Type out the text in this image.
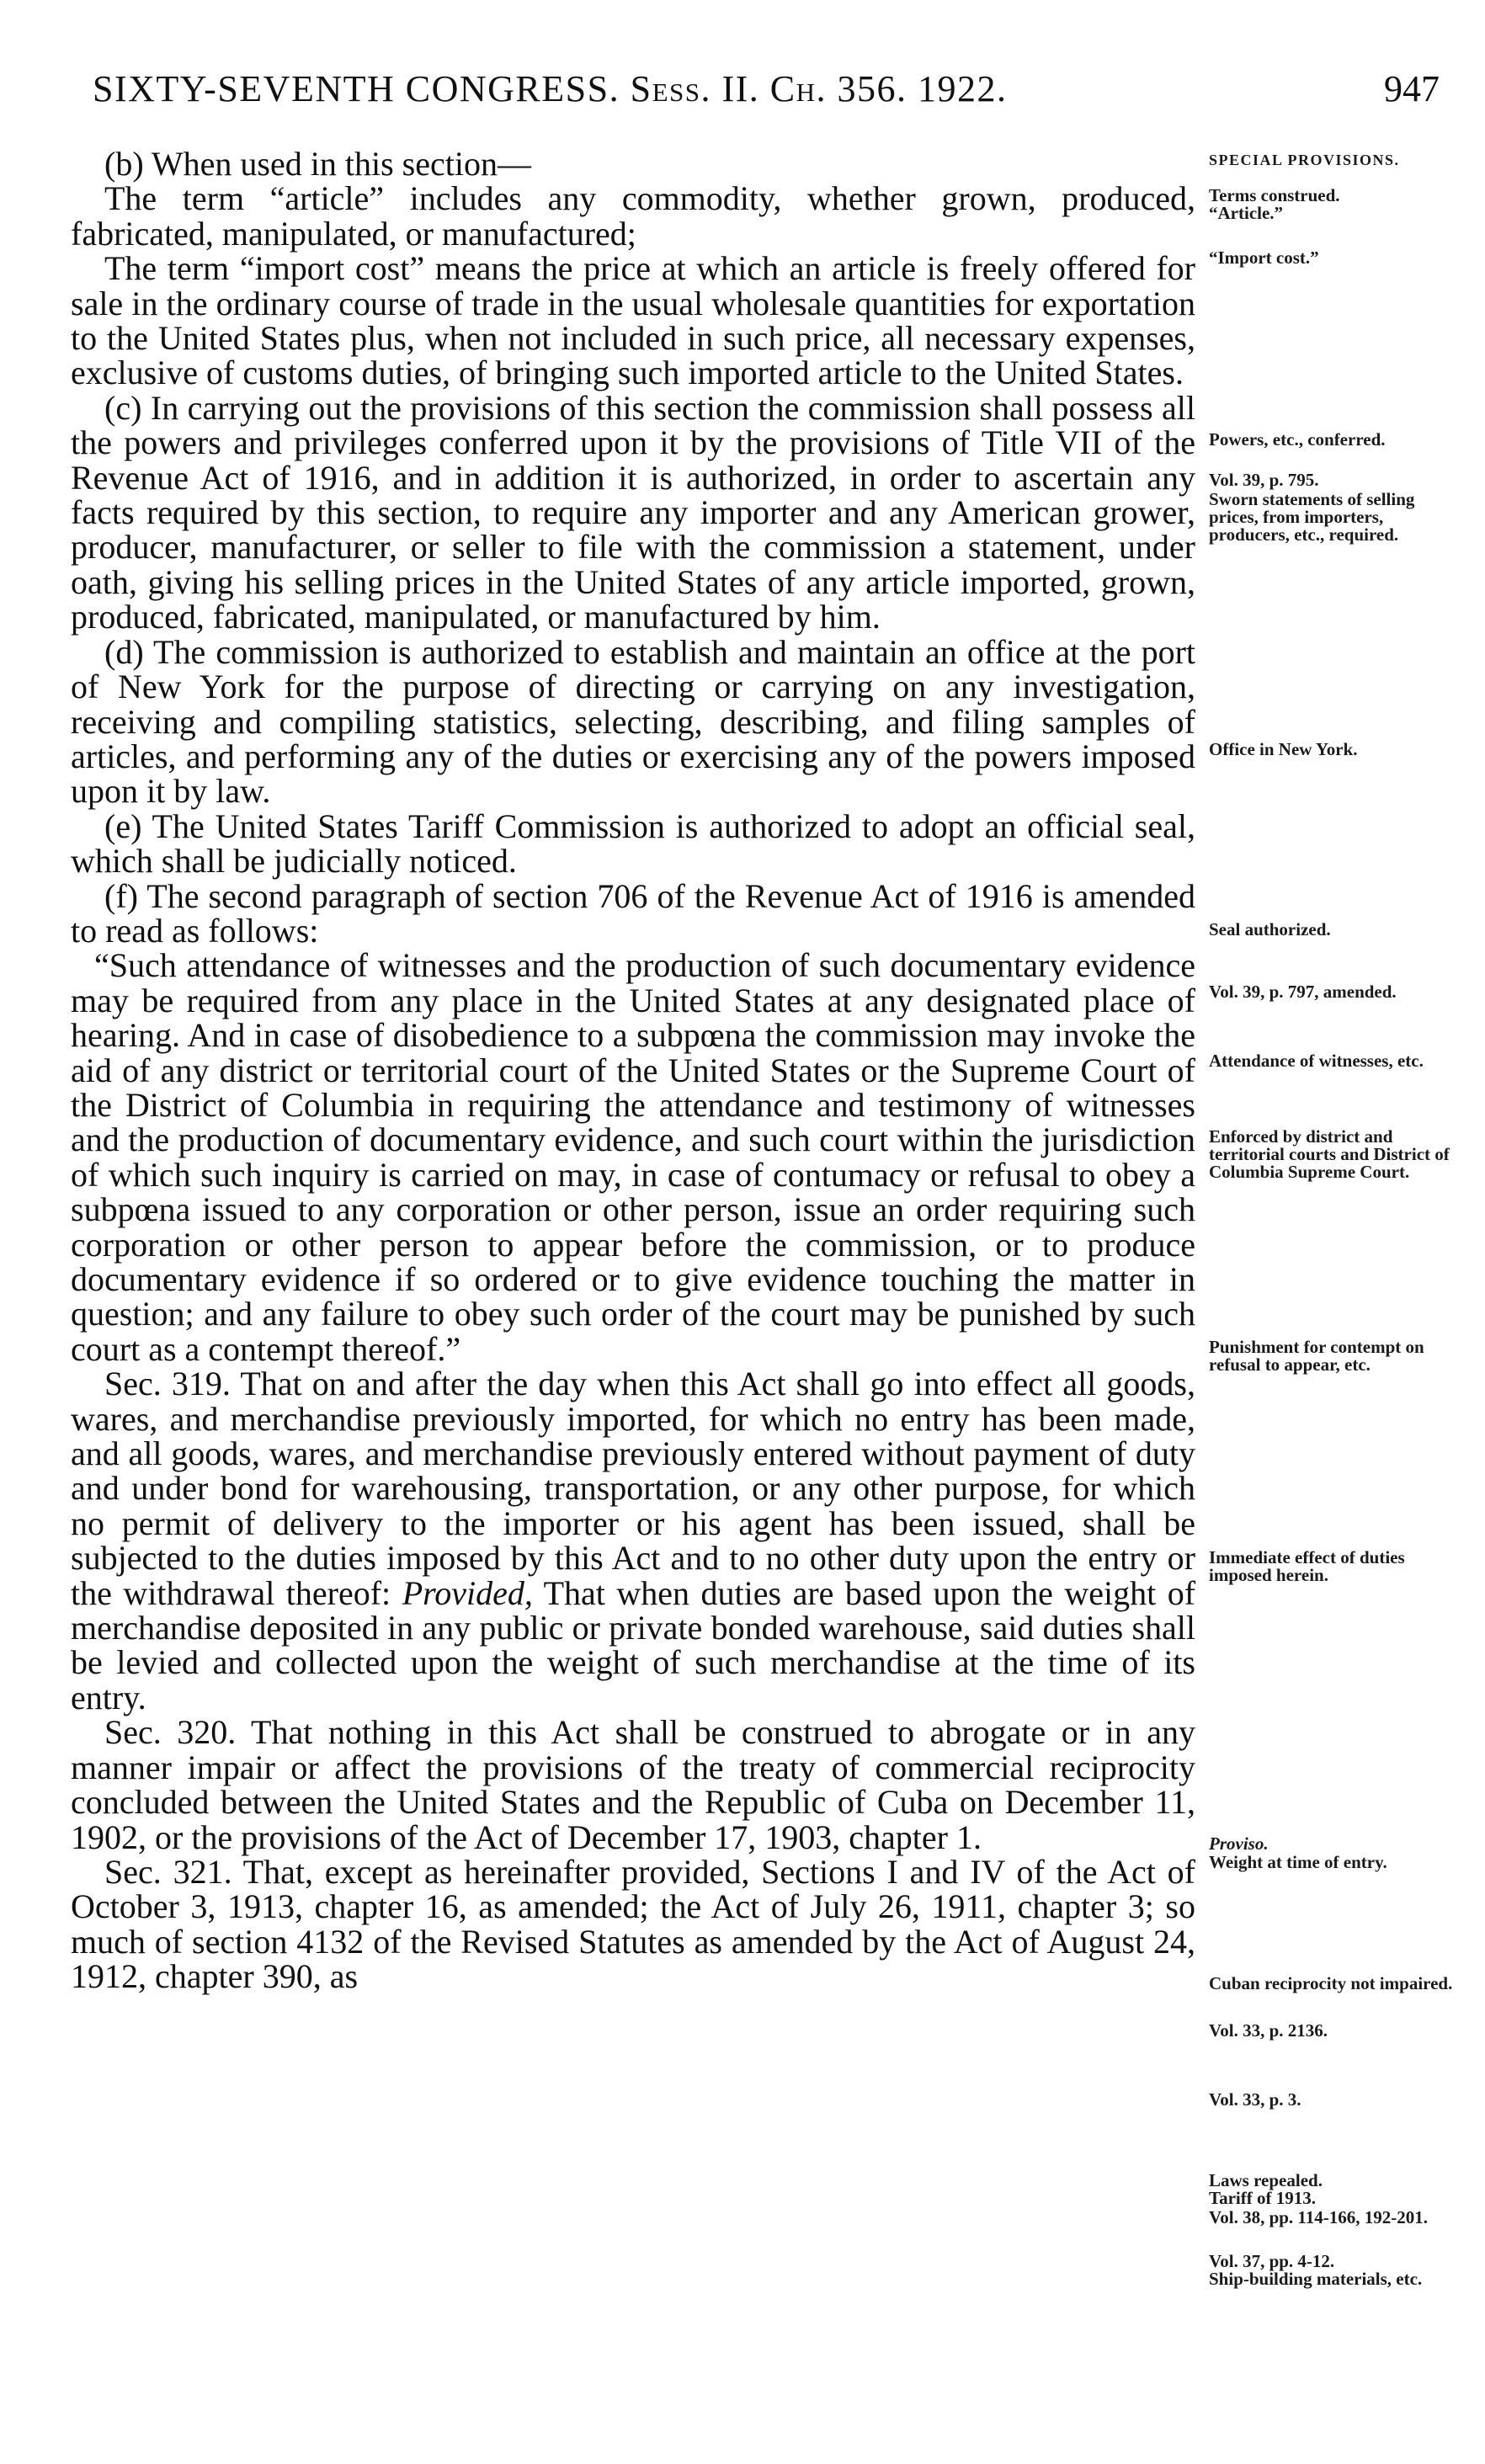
SIXTY-SEVENTH CONGRESS. Sess. II. Ch. 356. 1922.	947

(b) When used in this section—

The term “article” includes any commodity, whether grown, produced, fabricated, manipulated, or manufactured;

The term “import cost” means the price at which an article is freely offered for sale in the ordinary course of trade in the usual wholesale quantities for exportation to the United States plus, when not included in such price, all necessary expenses, exclusive of customs duties, of bringing such imported article to the United States.

(c) In carrying out the provisions of this section the commission shall possess all the powers and privileges conferred upon it by the provisions of Title VII of the Revenue Act of 1916, and in addition it is authorized, in order to ascertain any facts required by this section, to require any importer and any American grower, producer, manufacturer, or seller to file with the commission a statement, under oath, giving his selling prices in the United States of any article imported, grown, produced, fabricated, manipulated, or manufactured by him.

(d) The commission is authorized to establish and maintain an office at the port of New York for the purpose of directing or carrying on any investigation, receiving and compiling statistics, selecting, describing, and filing samples of articles, and performing any of the duties or exercising any of the powers imposed upon it by law.

(e) The United States Tariff Commission is authorized to adopt an official seal, which shall be judicially noticed.

(f) The second paragraph of section 706 of the Revenue Act of 1916 is amended to read as follows:

“Such attendance of witnesses and the production of such documentary evidence may be required from any place in the United States at any designated place of hearing. And in case of disobedience to a subpœna the commission may invoke the aid of any district or territorial court of the United States or the Supreme Court of the District of Columbia in requiring the attendance and testimony of witnesses and the production of documentary evidence, and such court within the jurisdiction of which such inquiry is carried on may, in case of contumacy or refusal to obey a subpœna issued to any corporation or other person, issue an order requiring such corporation or other person to appear before the commission, or to produce documentary evidence if so ordered or to give evidence touching the matter in question; and any failure to obey such order of the court may be punished by such court as a contempt thereof.”

Sec. 319. That on and after the day when this Act shall go into effect all goods, wares, and merchandise previously imported, for which no entry has been made, and all goods, wares, and merchandise previously entered without payment of duty and under bond for warehousing, transportation, or any other purpose, for which no permit of delivery to the importer or his agent has been issued, shall be subjected to the duties imposed by this Act and to no other duty upon the entry or the withdrawal thereof: Provided, That when duties are based upon the weight of merchandise deposited in any public or private bonded warehouse, said duties shall be levied and collected upon the weight of such merchandise at the time of its entry.

Sec. 320. That nothing in this Act shall be construed to abrogate or in any manner impair or affect the provisions of the treaty of commercial reciprocity concluded between the United States and the Republic of Cuba on December 11, 1902, or the provisions of the Act of December 17, 1903, chapter 1.

Sec. 321. That, except as hereinafter provided, Sections I and IV of the Act of October 3, 1913, chapter 16, as amended; the Act of July 26, 1911, chapter 3; so much of section 4132 of the Revised Statutes as amended by the Act of August 24, 1912, chapter 390, as

SPECIAL PROVISIONS.
Terms construed.
“Article.”
“Import cost.”
Powers, etc., conferred.
Vol. 39, p. 795.
Sworn statements of selling prices, from importers, producers, etc., required.
Office in New York.
Seal authorized.
Vol. 39, p. 797, amended.
Attendance of witnesses, etc.
Enforced by district and territorial courts and District of Columbia Supreme Court.
Punishment for contempt on refusal to appear, etc.
Immediate effect of duties imposed herein.
Proviso.
Weight at time of entry.
Cuban reciprocity not impaired.
Vol. 33, p. 2136.
Vol. 33, p. 3.
Laws repealed.
Tariff of 1913.
Vol. 38, pp. 114-166, 192-201.
Vol. 37, pp. 4-12.
Ship-building materials, etc.
